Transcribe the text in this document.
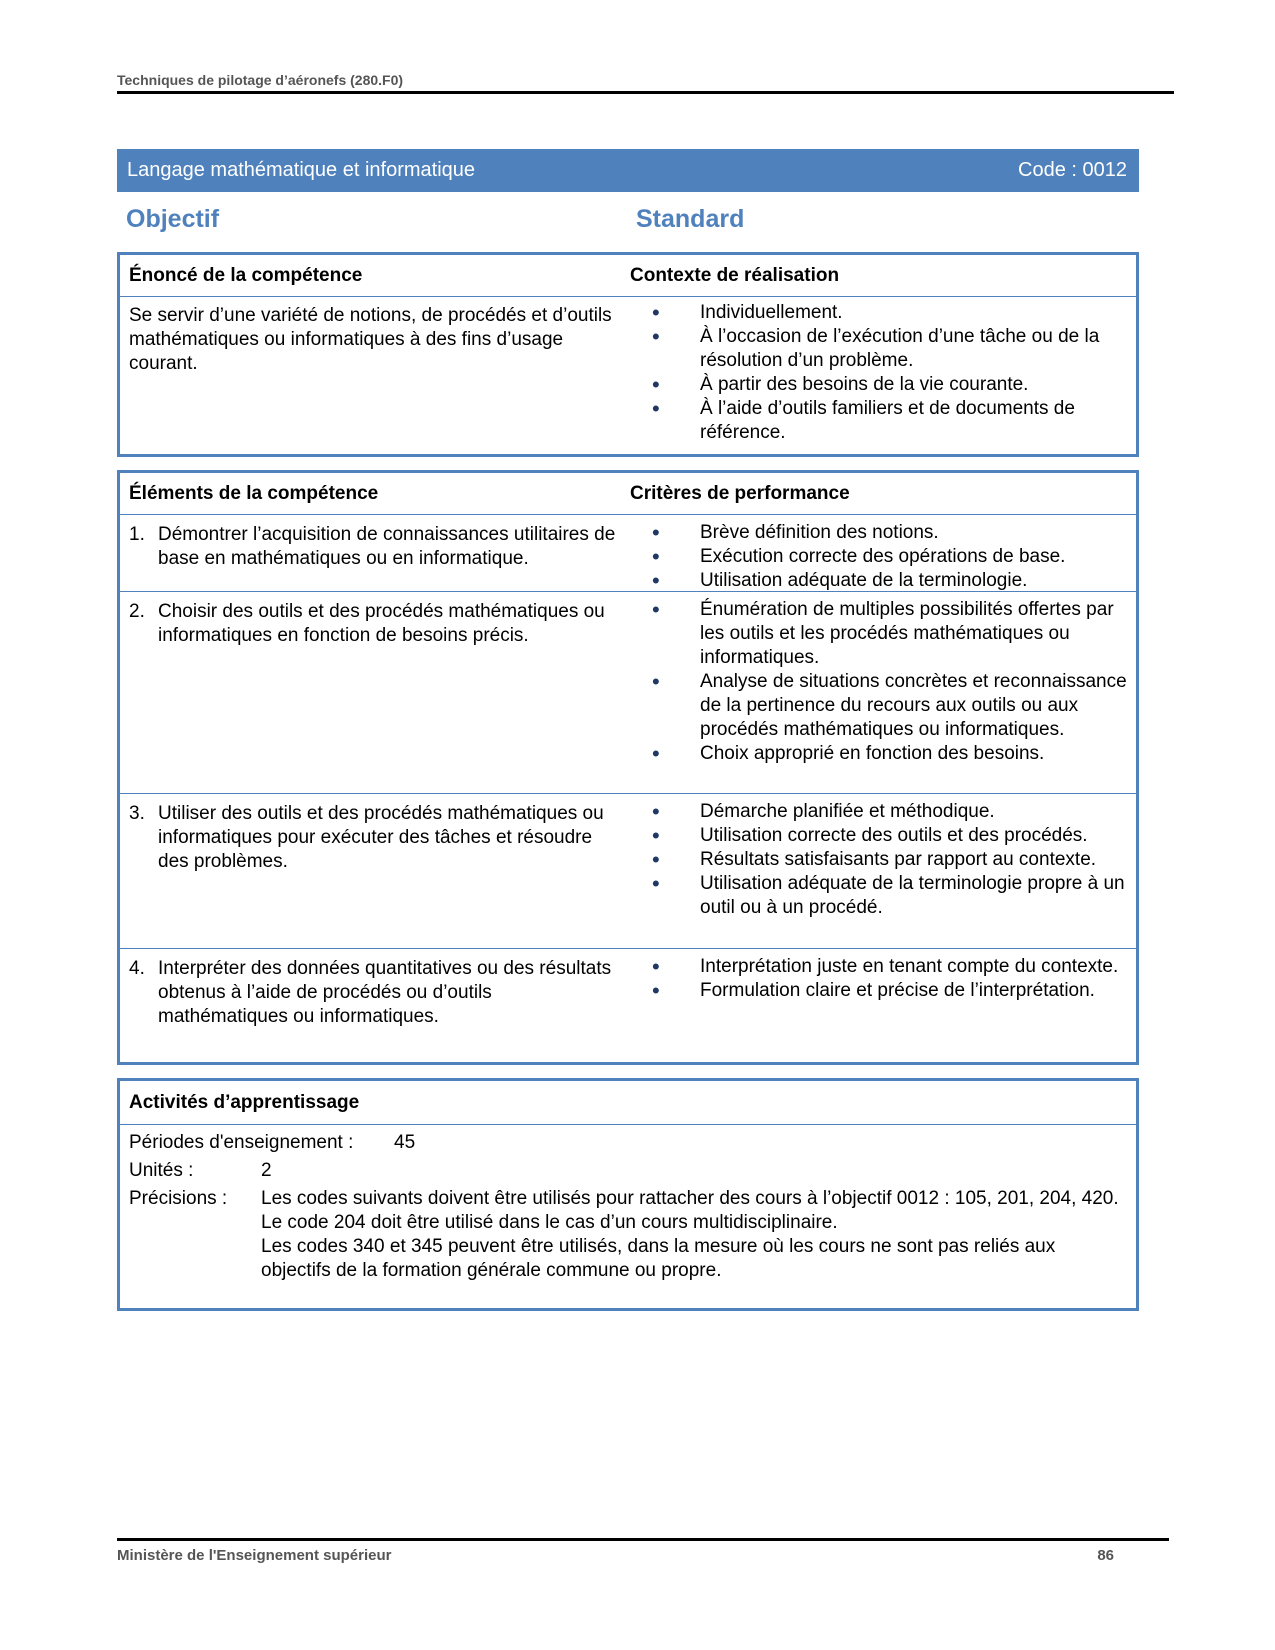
Techniques de pilotage d’aéronefs (280.F0)
Langage mathématique et informatique	Code : 0012
Objectif	Standard
Énoncé de la compétence	Contexte de réalisation
Se servir d’une variété de notions, de procédés et d’outils mathématiques ou informatiques à des fins d’usage courant.
• Individuellement.
• À l’occasion de l’exécution d’une tâche ou de la résolution d’un problème.
• À partir des besoins de la vie courante.
• À l’aide d’outils familiers et de documents de référence.
Éléments de la compétence	Critères de performance
1. Démontrer l’acquisition de connaissances utilitaires de base en mathématiques ou en informatique.
• Brève définition des notions.
• Exécution correcte des opérations de base.
• Utilisation adéquate de la terminologie.
2. Choisir des outils et des procédés mathématiques ou informatiques en fonction de besoins précis.
• Énumération de multiples possibilités offertes par les outils et les procédés mathématiques ou informatiques.
• Analyse de situations concrètes et reconnaissance de la pertinence du recours aux outils ou aux procédés mathématiques ou informatiques.
• Choix approprié en fonction des besoins.
3. Utiliser des outils et des procédés mathématiques ou informatiques pour exécuter des tâches et résoudre des problèmes.
• Démarche planifiée et méthodique.
• Utilisation correcte des outils et des procédés.
• Résultats satisfaisants par rapport au contexte.
• Utilisation adéquate de la terminologie propre à un outil ou à un procédé.
4. Interpréter des données quantitatives ou des résultats obtenus à l’aide de procédés ou d’outils mathématiques ou informatiques.
• Interprétation juste en tenant compte du contexte.
• Formulation claire et précise de l’interprétation.
Activités d’apprentissage
Périodes d'enseignement :	45
Unités :	2
Précisions :	Les codes suivants doivent être utilisés pour rattacher des cours à l’objectif 0012 : 105, 201, 204, 420.
Le code 204 doit être utilisé dans le cas d’un cours multidisciplinaire.
Les codes 340 et 345 peuvent être utilisés, dans la mesure où les cours ne sont pas reliés aux objectifs de la formation générale commune ou propre.
Ministère de l'Enseignement supérieur	86
